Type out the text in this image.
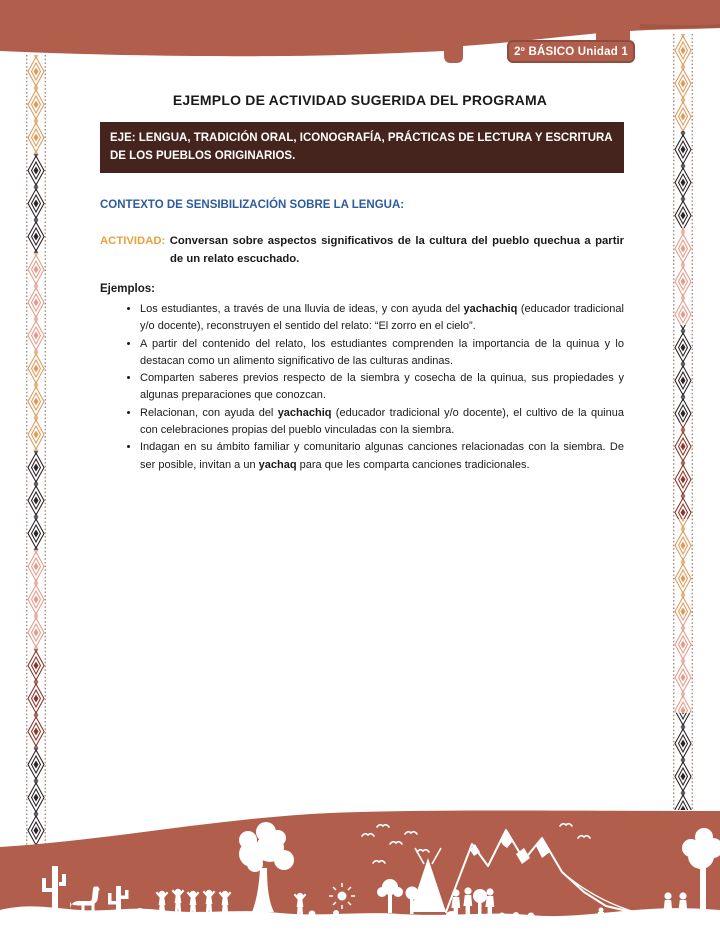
2º BÁSICO Unidad 1
EJEMPLO DE ACTIVIDAD SUGERIDA DEL PROGRAMA
EJE: LENGUA, TRADICIÓN ORAL, ICONOGRAFÍA, PRÁCTICAS DE LECTURA Y ESCRITURA DE LOS PUEBLOS ORIGINARIOS.
CONTEXTO DE SENSIBILIZACIÓN SOBRE LA LENGUA:

ACTIVIDAD: Conversan sobre aspectos significativos de la cultura del pueblo quechua a partir de un relato escuchado.

Ejemplos:

• Los estudiantes, a través de una lluvia de ideas, y con ayuda del yachachiq (educador tradicional y/o docente), reconstruyen el sentido del relato: “El zorro en el cielo”.
• A partir del contenido del relato, los estudiantes comprenden la importancia de la quinua y lo destacan como un alimento significativo de las culturas andinas.
• Comparten saberes previos respecto de la siembra y cosecha de la quinua, sus propiedades y algunas preparaciones que conozcan.
• Relacionan, con ayuda del yachachiq (educador tradicional y/o docente), el cultivo de la quinua con celebraciones propias del pueblo vinculadas con la siembra.
• Indagan en su ámbito familiar y comunitario algunas canciones relacionadas con la siembra. De ser posible, invitan a un yachaq para que les comparta canciones tradicionales.
